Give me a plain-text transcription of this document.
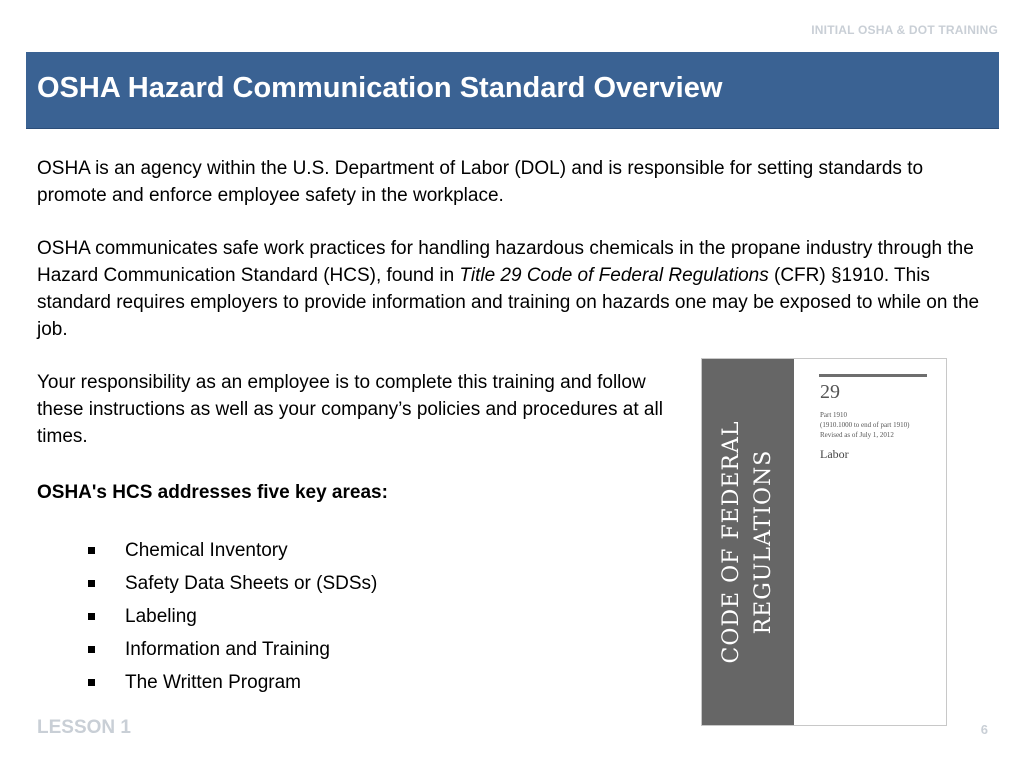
INITIAL OSHA & DOT TRAINING
OSHA Hazard Communication Standard Overview

OSHA is an agency within the U.S. Department of Labor (DOL) and is responsible for setting standards to promote and enforce employee safety in the workplace.

OSHA communicates safe work practices for handling hazardous chemicals in the propane industry through the Hazard Communication Standard (HCS), found in Title 29 Code of Federal Regulations (CFR) §1910. This standard requires employers to provide information and training on hazards one may be exposed to while on the job.

Your responsibility as an employee is to complete this training and follow these instructions as well as your company’s policies and procedures at all times.

OSHA's HCS addresses five key areas:

Chemical Inventory
Safety Data Sheets or (SDSs)
Labeling
Information and Training
The Written Program
CODE OF FEDERAL REGULATIONS
29
Part 1910
(1910.1000 to end of part 1910)
Revised as of July 1, 2012
Labor
LESSON 1	6
